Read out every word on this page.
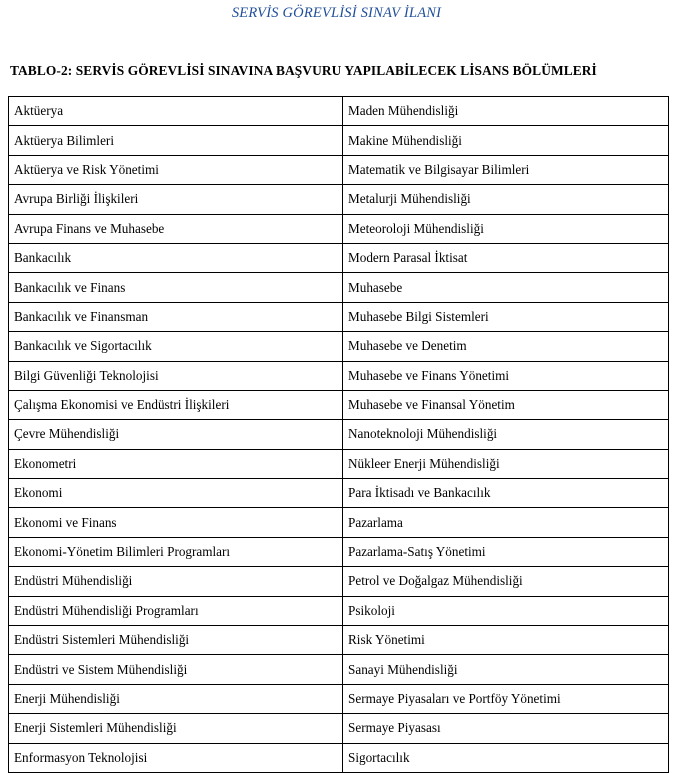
SERVİS GÖREVLİSİ SINAV İLANI
TABLO-2: SERVİS GÖREVLİSİ SINAVINA BAŞVURU YAPILABİLECEK LİSANS BÖLÜMLERİ
Aktüerya	Maden Mühendisliği
Aktüerya Bilimleri	Makine Mühendisliği
Aktüerya ve Risk Yönetimi	Matematik ve Bilgisayar Bilimleri
Avrupa Birliği İlişkileri	Metalurji Mühendisliği
Avrupa Finans ve Muhasebe	Meteoroloji Mühendisliği
Bankacılık	Modern Parasal İktisat
Bankacılık ve Finans	Muhasebe
Bankacılık ve Finansman	Muhasebe Bilgi Sistemleri
Bankacılık ve Sigortacılık	Muhasebe ve Denetim
Bilgi Güvenliği Teknolojisi	Muhasebe ve Finans Yönetimi
Çalışma Ekonomisi ve Endüstri İlişkileri	Muhasebe ve Finansal Yönetim
Çevre Mühendisliği	Nanoteknoloji Mühendisliği
Ekonometri	Nükleer Enerji Mühendisliği
Ekonomi	Para İktisadı ve Bankacılık
Ekonomi ve Finans	Pazarlama
Ekonomi-Yönetim Bilimleri Programları	Pazarlama-Satış Yönetimi
Endüstri Mühendisliği	Petrol ve Doğalgaz Mühendisliği
Endüstri Mühendisliği Programları	Psikoloji
Endüstri Sistemleri Mühendisliği	Risk Yönetimi
Endüstri ve Sistem Mühendisliği	Sanayi Mühendisliği
Enerji Mühendisliği	Sermaye Piyasaları ve Portföy Yönetimi
Enerji Sistemleri Mühendisliği	Sermaye Piyasası
Enformasyon Teknolojisi	Sigortacılık
